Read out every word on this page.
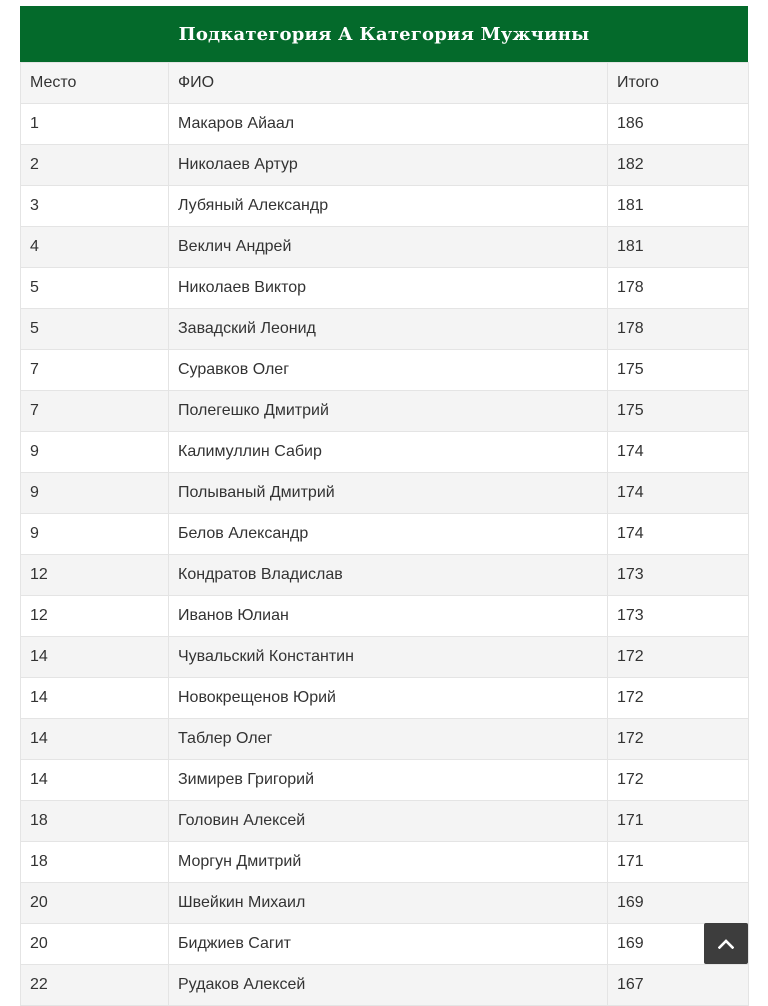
Подкатегория А Категория Мужчины
Место	ФИО	Итого
1	Макаров Айаал	186
2	Николаев Артур	182
3	Лубяный Александр	181
4	Веклич Андрей	181
5	Николаев Виктор	178
5	Завадский Леонид	178
7	Суравков Олег	175
7	Полегешко Дмитрий	175
9	Калимуллин Сабир	174
9	Полываный Дмитрий	174
9	Белов Александр	174
12	Кондратов Владислав	173
12	Иванов Юлиан	173
14	Чувальский Константин	172
14	Новокрещенов Юрий	172
14	Таблер Олег	172
14	Зимирев Григорий	172
18	Головин Алексей	171
18	Моргун Дмитрий	171
20	Швейкин Михаил	169
20	Биджиев Сагит	169
22	Рудаков Алексей	167
